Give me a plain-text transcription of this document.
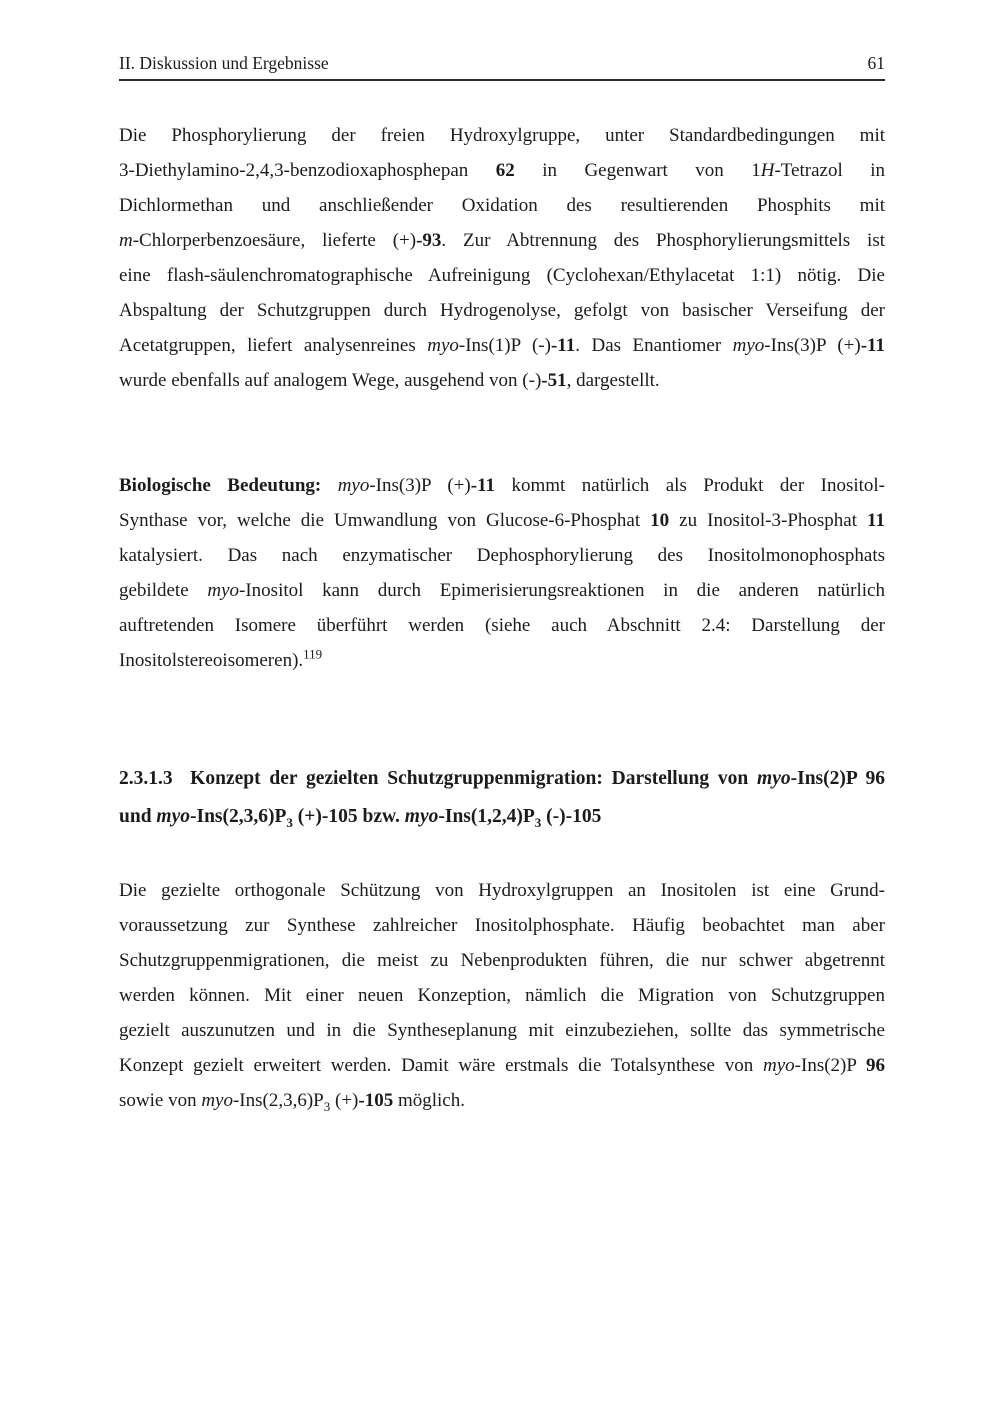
II. Diskussion und Ergebnisse	61
Die Phosphorylierung der freien Hydroxylgruppe, unter Standardbedingungen mit
3-Diethylamino-2,4,3-benzodioxaphosphepan 62 in Gegenwart von 1H-Tetrazol in
Dichlormethan und anschließender Oxidation des resultierenden Phosphits mit
m-Chlorperbenzoesäure, lieferte (+)-93. Zur Abtrennung des Phosphorylierungsmittels ist
eine flash-säulenchromatographische Aufreinigung (Cyclohexan/Ethylacetat 1:1) nötig. Die
Abspaltung der Schutzgruppen durch Hydrogenolyse, gefolgt von basischer Verseifung der
Acetatgruppen, liefert analysenreines myo-Ins(1)P (-)-11. Das Enantiomer myo-Ins(3)P (+)-11
wurde ebenfalls auf analogem Wege, ausgehend von (-)-51, dargestellt.
Biologische Bedeutung: myo-Ins(3)P (+)-11 kommt natürlich als Produkt der Inositol-
Synthase vor, welche die Umwandlung von Glucose-6-Phosphat 10 zu Inositol-3-Phosphat 11
katalysiert. Das nach enzymatischer Dephosphorylierung des Inositolmonophosphats
gebildete myo-Inositol kann durch Epimerisierungsreaktionen in die anderen natürlich
auftretenden Isomere überführt werden (siehe auch Abschnitt 2.4: Darstellung der
Inositolstereoisomeren).$^{119}$
2.3.1.3  Konzept der gezielten Schutzgruppenmigration: Darstellung von myo-Ins(2)P 96
und myo-$Ins(2,3,6)P_3$ (+)-105 bzw. myo-$Ins(1,2,4)P_3$ (-)-105
Die gezielte orthogonale Schützung von Hydroxylgruppen an Inositolen ist eine Grund-
voraussetzung zur Synthese zahlreicher Inositolphosphate. Häufig beobachtet man aber
Schutzgruppenmigrationen, die meist zu Nebenprodukten führen, die nur schwer abgetrennt
werden können. Mit einer neuen Konzeption, nämlich die Migration von Schutzgruppen
gezielt auszunutzen und in die Syntheseplanung mit einzubeziehen, sollte das symmetrische
Konzept gezielt erweitert werden. Damit wäre erstmals die Totalsynthese von myo-Ins(2)P 96
sowie von myo-$Ins(2,3,6)P_3$ (+)-105 möglich.
